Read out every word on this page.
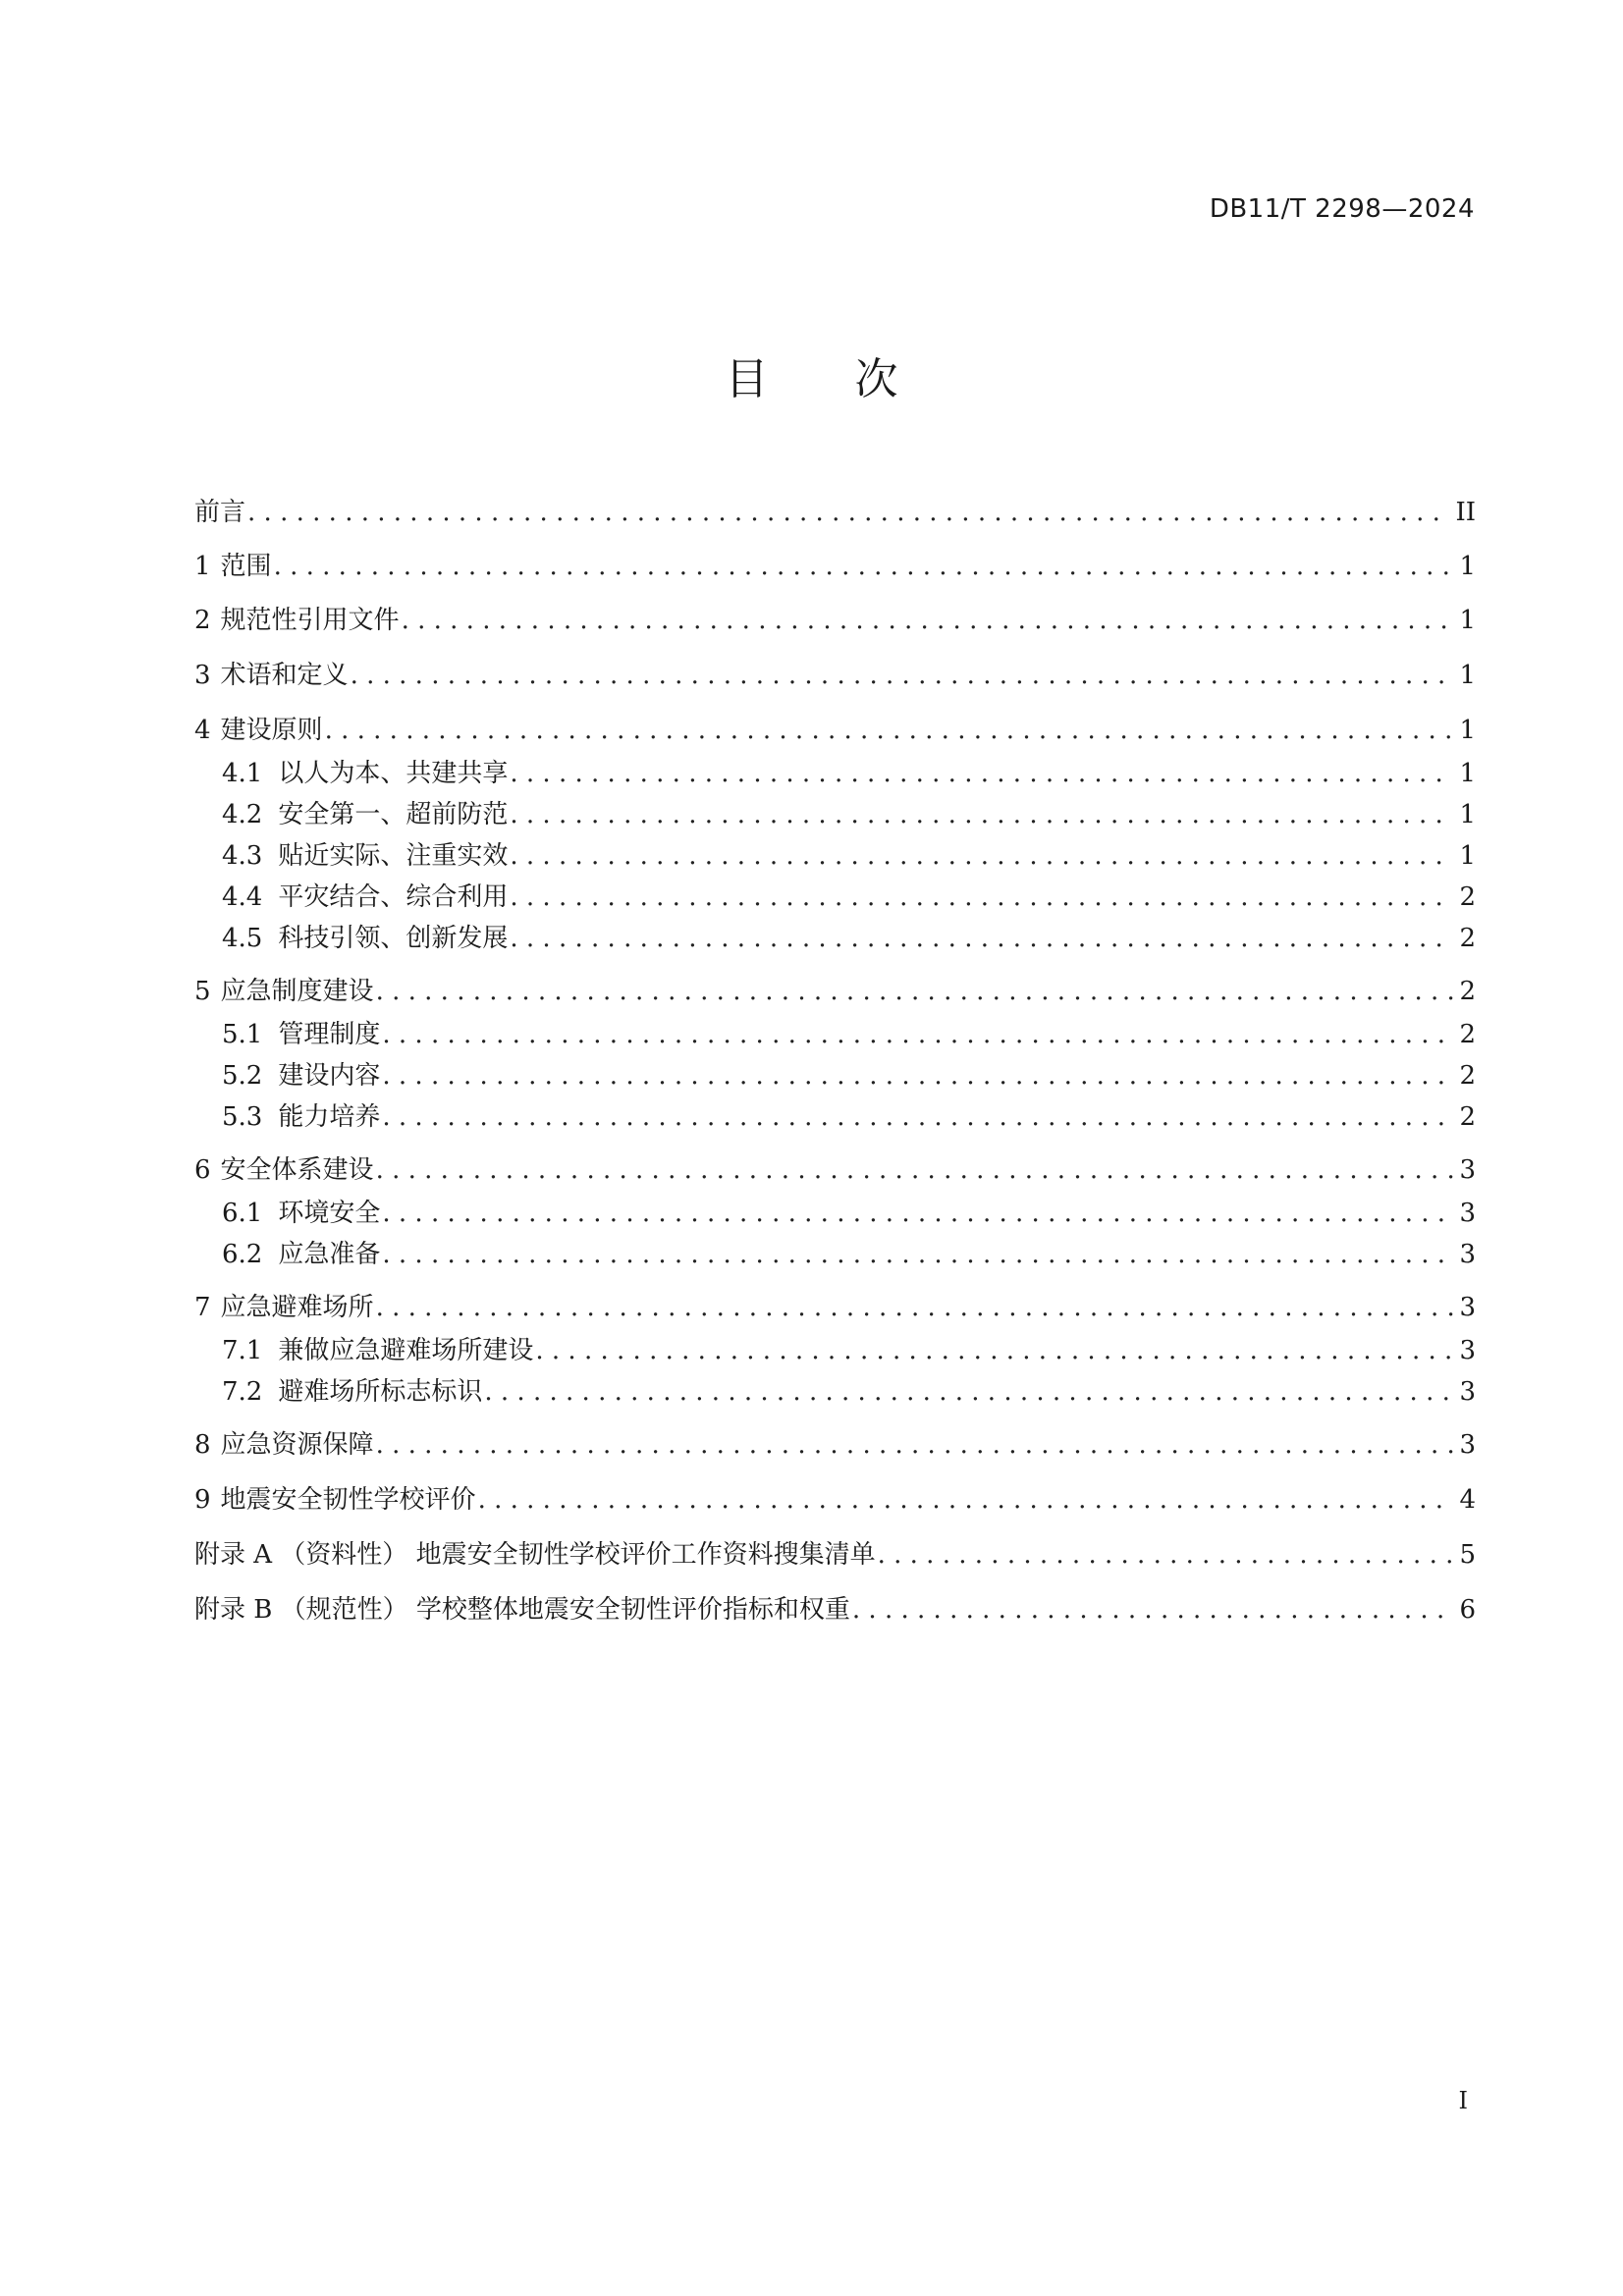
DB11/T 2298—2024
目次
前言 . . .	II
1 范围 . . .	1
2 规范性引用文件 . . .	1
3 术语和定义 . . .	1
4 建设原则 . . .	1
4.1 以人为本、共建共享 . . .	1
4.2 安全第一、超前防范 . . .	1
4.3 贴近实际、注重实效 . . .	1
4.4 平灾结合、综合利用 . . .	2
4.5 科技引领、创新发展 . . .	2
5 应急制度建设 . . .	2
5.1 管理制度 . . .	2
5.2 建设内容 . . .	2
5.3 能力培养 . . .	2
6 安全体系建设 . . .	3
6.1 环境安全 . . .	3
6.2 应急准备 . . .	3
7 应急避难场所 . . .	3
7.1 兼做应急避难场所建设 . . .	3
7.2 避难场所标志标识 . . .	3
8 应急资源保障 . . .	3
9 地震安全韧性学校评价 . . .	4
附录 A （资料性） 地震安全韧性学校评价工作资料搜集清单 . . .	5
附录 B （规范性） 学校整体地震安全韧性评价指标和权重 . . .	6
I
